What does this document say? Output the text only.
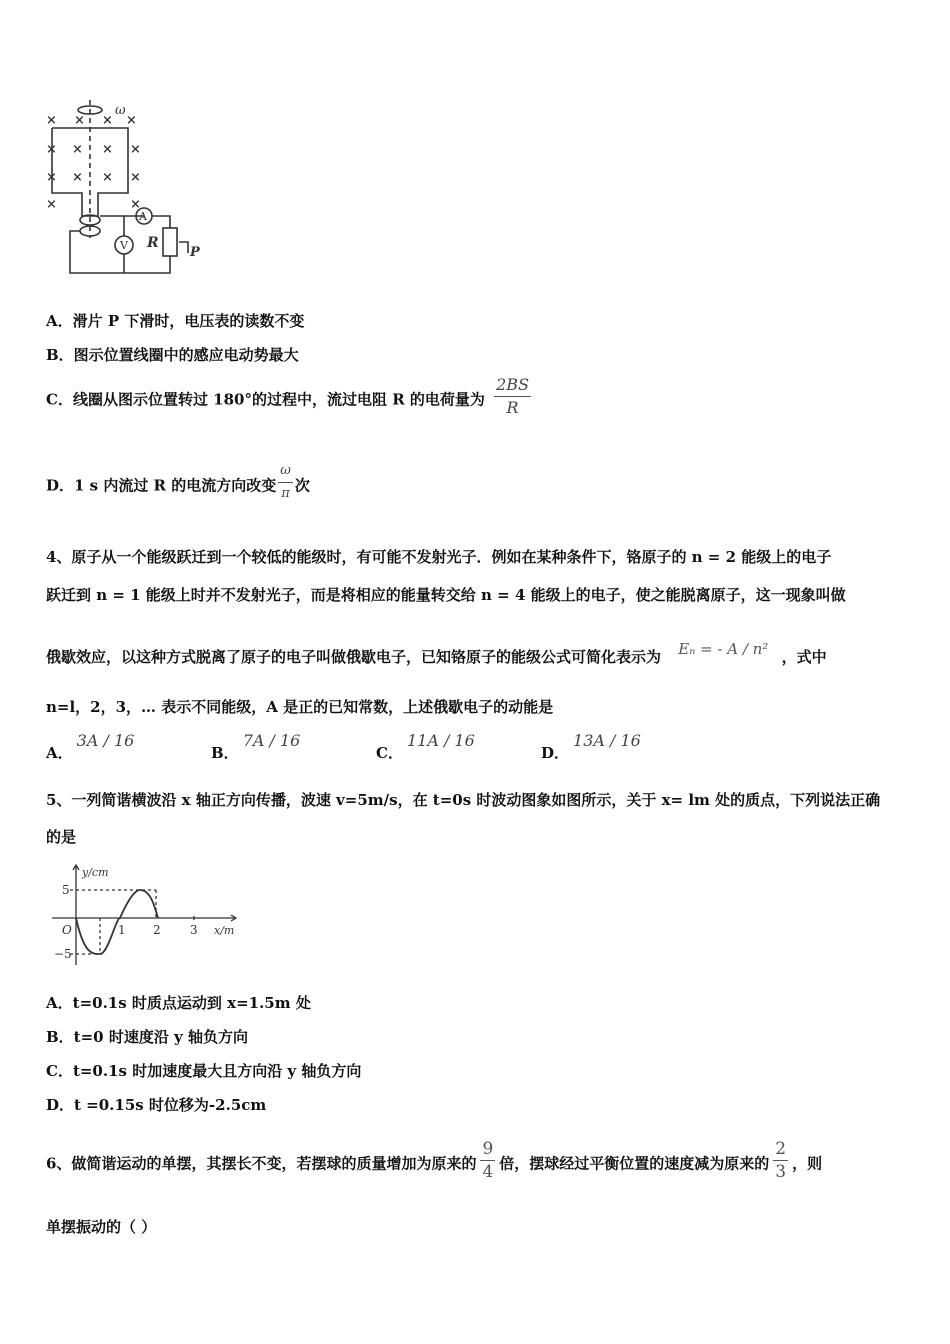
× × × ×
× × × ×
× × × ×
×	×
ω
A
V R
P
A．滑片 P 下滑时，电压表的读数不变
B．图示位置线圈中的感应电动势最大
C．线圈从图示位置转过 180°的过程中，流过电阻 R 的电荷量为 $\frac{2BS}{R}$
D．1 s 内流过 R 的电流方向改变 $\frac{\omega}{\pi}$ 次
4、原子从一个能级跃迁到一个较低的能级时，有可能不发射光子．例如在某种条件下，铬原子的 n = 2 能级上的电子
跃迁到 n = 1 能级上时并不发射光子，而是将相应的能量转交给 n = 4 能级上的电子，使之能脱离原子，这一现象叫做
俄歇效应，以这种方式脱离了原子的电子叫做俄歇电子，已知铬原子的能级公式可简化表示为 Eₙ = - A / n² ，式中
n=l，2，3，… 表示不同能级，A 是正的已知常数，上述俄歇电子的动能是
A．3A / 16
B．7A / 16
C．11A / 16
D．13A / 16
5、一列简谐横波沿 x 轴正方向传播，波速 v=5m/s，在 t=0s 时波动图象如图所示，关于 x= lm 处的质点，下列说法正确
的是
y/cm
x/m
O
5
−5
1 2 3
A．t=0.1s 时质点运动到 x=1.5m 处
B．t=0 时速度沿 y 轴负方向
C．t=0.1s 时加速度最大且方向沿 y 轴负方向
D．t =0.15s 时位移为-2.5cm
6、做简谐运动的单摆，其摆长不变，若摆球的质量增加为原来的 $\frac{9}{4}$ 倍，摆球经过平衡位置的速度减为原来的 $\frac{2}{3}$ ，则
单摆振动的（ ）
